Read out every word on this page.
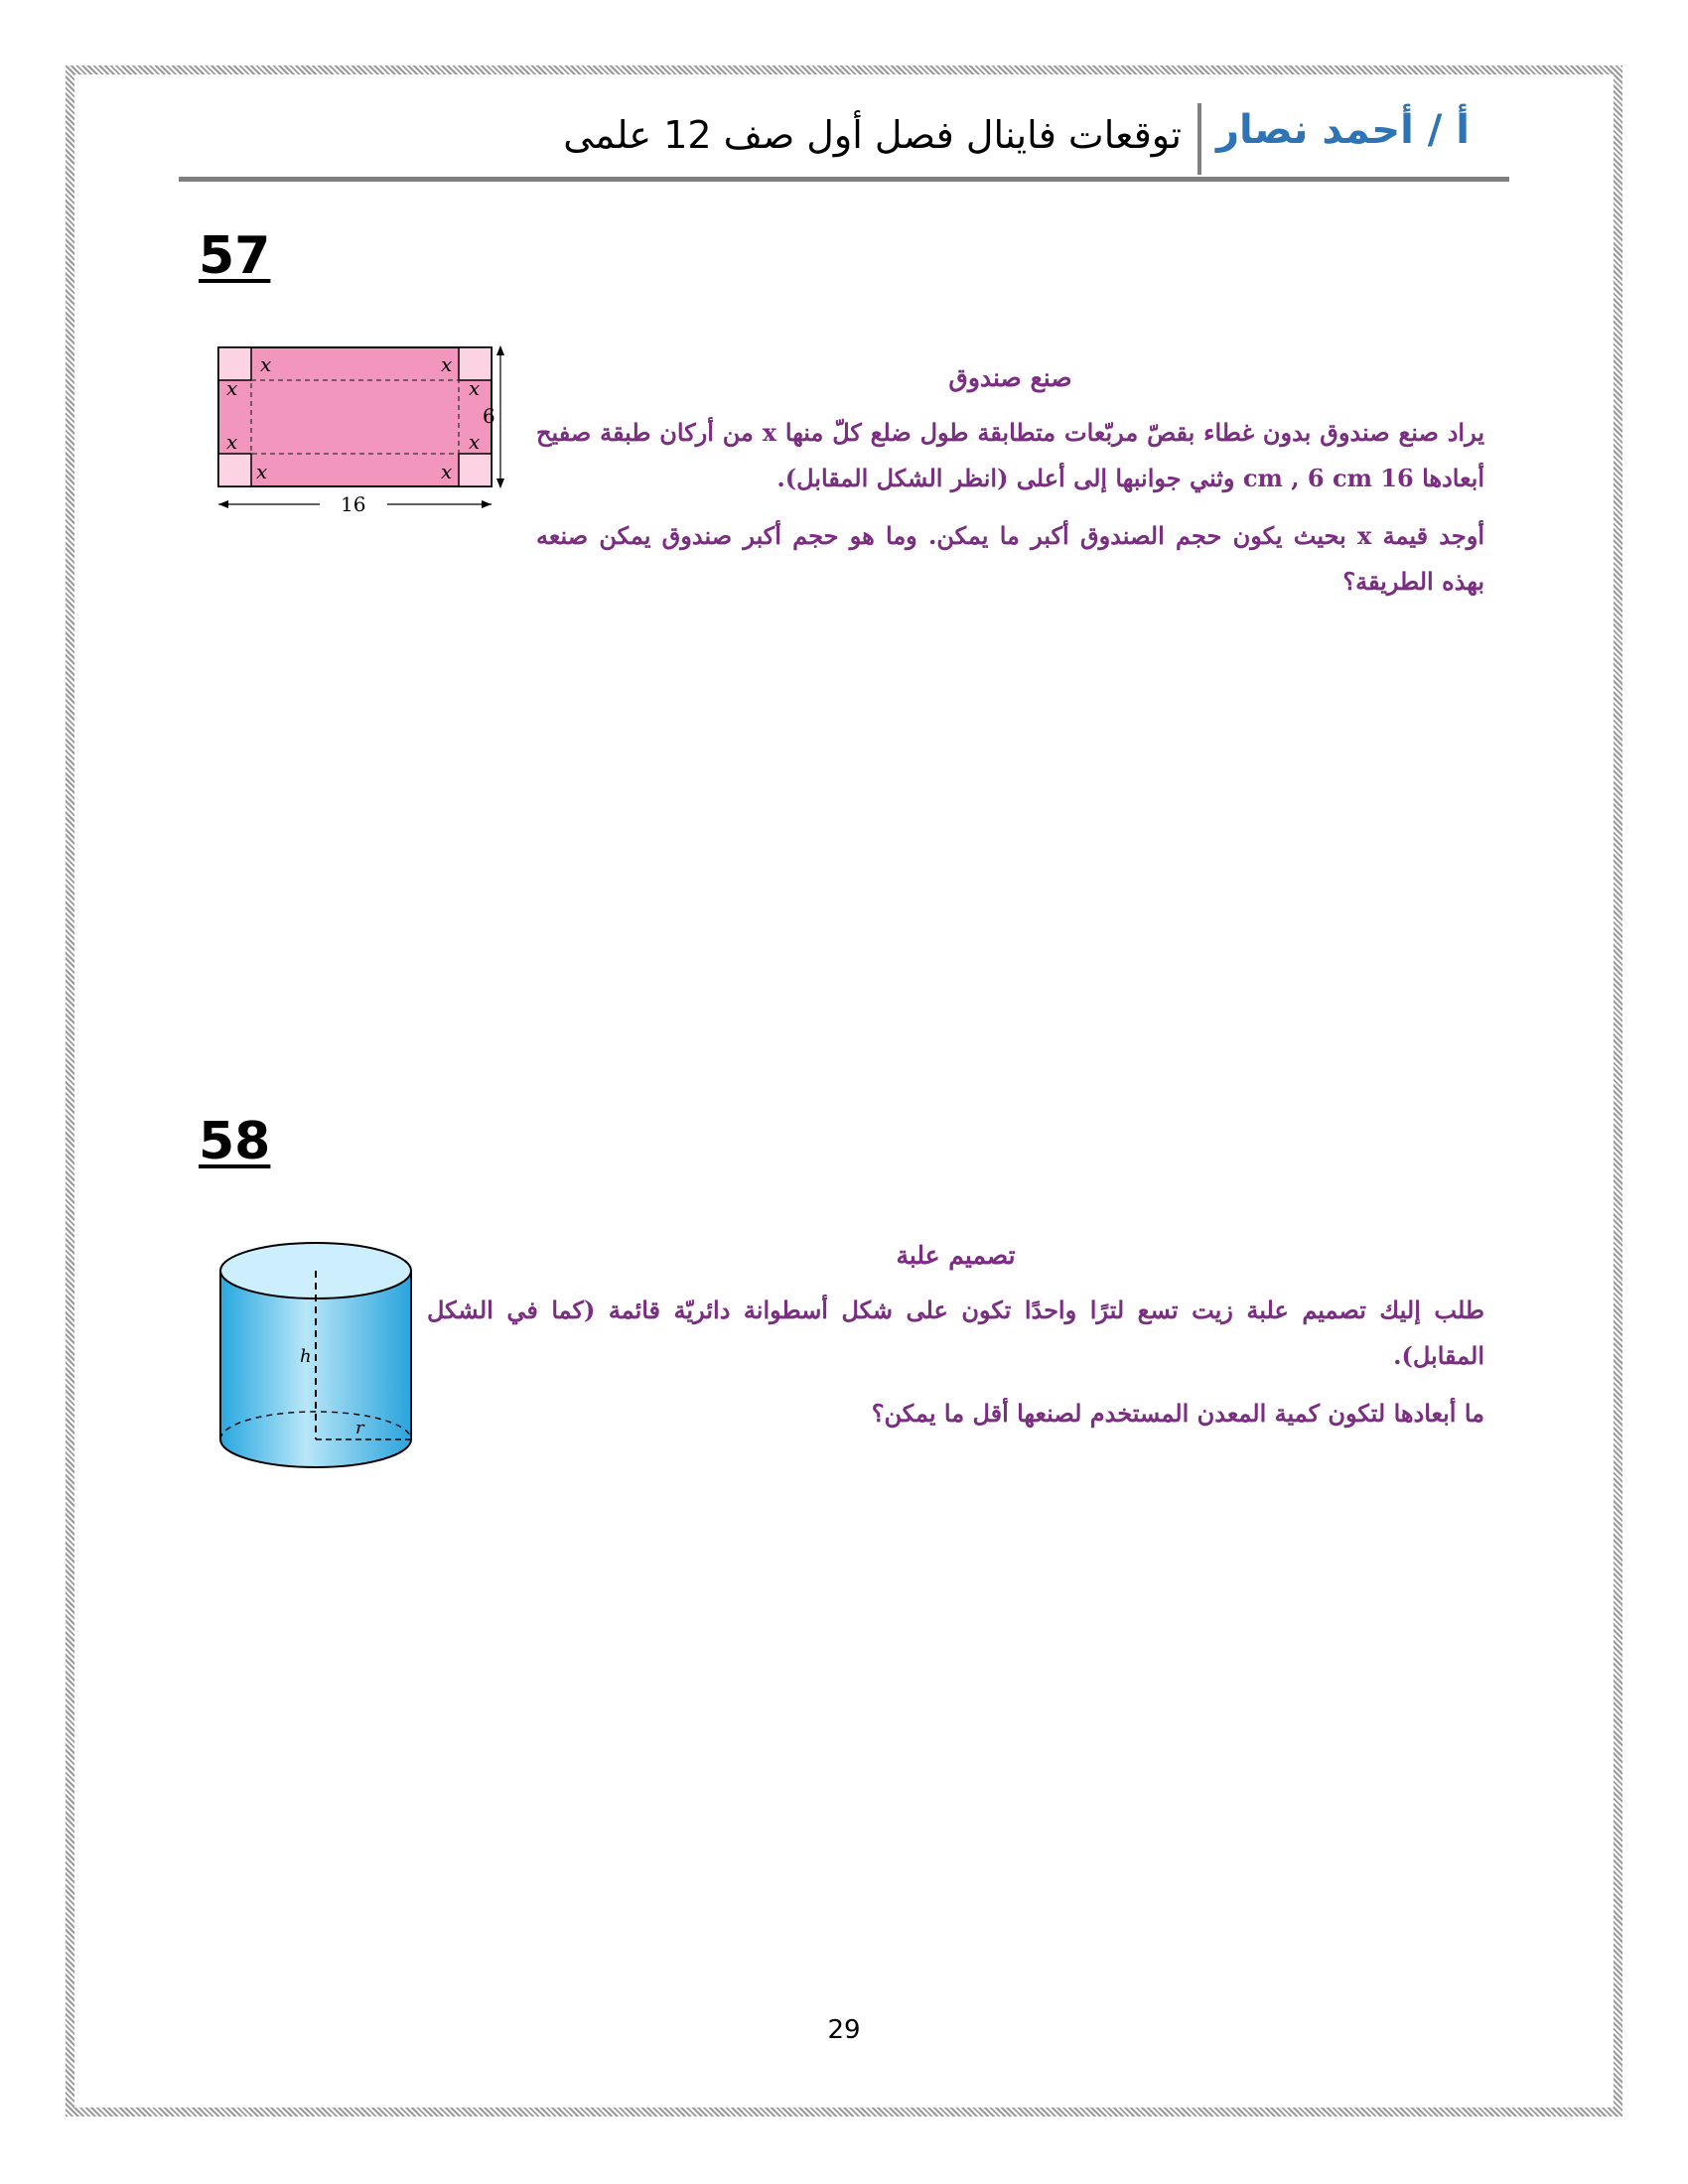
أ / أحمد نصار
توقعات فاينال فصل أول صف 12 علمى
57
x	x
x	x
x	x
x	x
16
6
صنع صندوق

يراد صنع صندوق بدون غطاء بقصّ مربّعات متطابقة طول ضلع كلّ منها x من أركان طبقة صفيح أبعادها 16 cm , 6 cm وثني جوانبها إلى أعلى (انظر الشكل المقابل).

أوجد قيمة x بحيث يكون حجم الصندوق أكبر ما يمكن. وما هو حجم أكبر صندوق يمكن صنعه بهذه الطريقة؟

58
h
r
تصميم علبة

طلب إليك تصميم علبة زيت تسع لترًا واحدًا تكون على شكل أسطوانة دائريّة قائمة (كما في الشكل المقابل).

ما أبعادها لتكون كمية المعدن المستخدم لصنعها أقل ما يمكن؟

29
